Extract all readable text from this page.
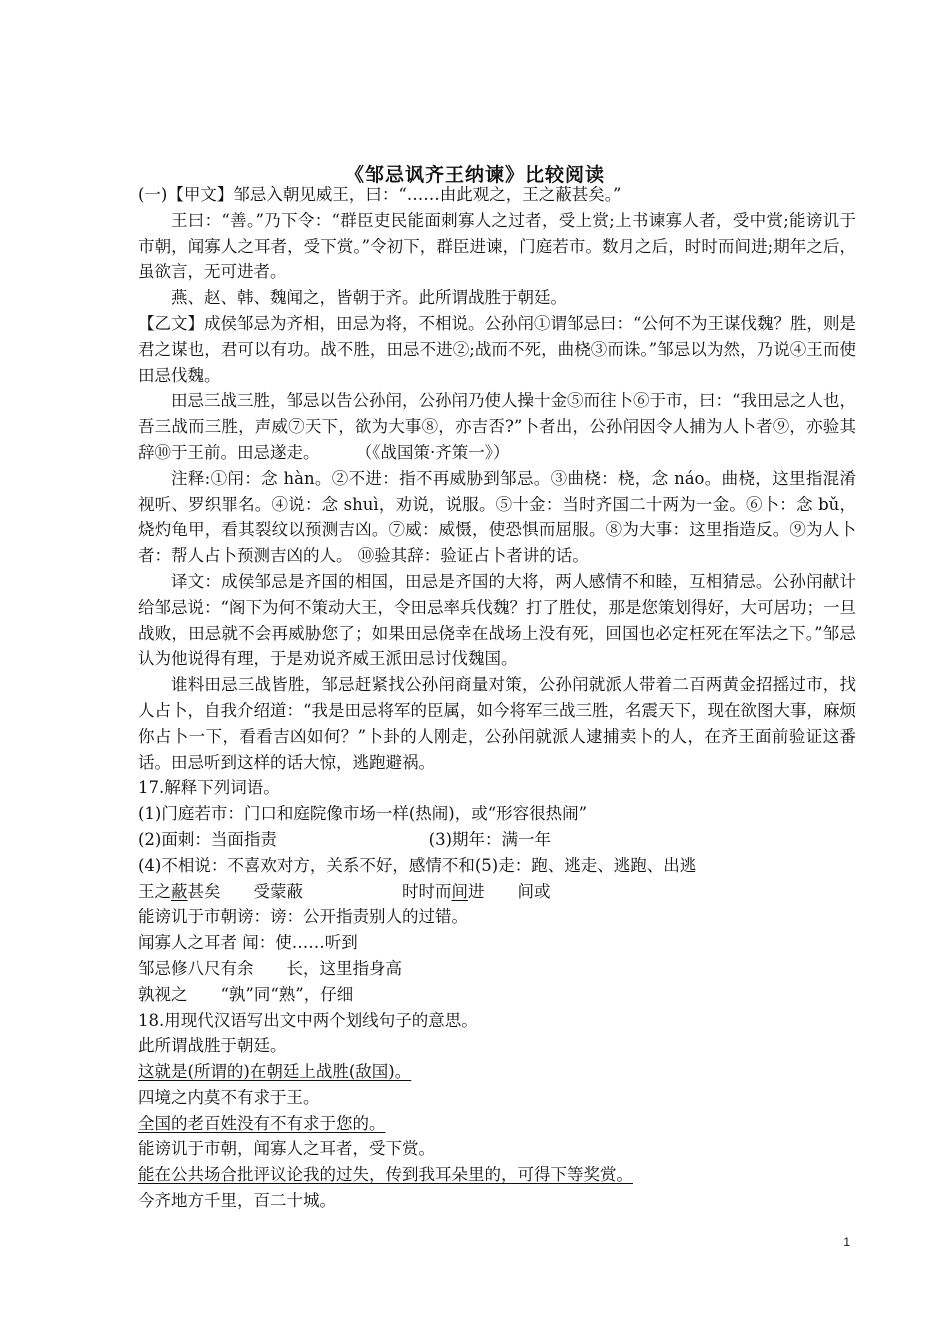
《邹忌讽齐王纳谏》比较阅读

(一)【甲文】邹忌入朝见威王，曰：“……由此观之，王之蔽甚矣。”

王曰：“善。”乃下令：“群臣吏民能面刺寡人之过者，受上赏;上书谏寡人者，受中赏;能谤讥于市朝，闻寡人之耳者，受下赏。”令初下，群臣进谏，门庭若市。数月之后，时时而间进;期年之后，虽欲言，无可进者。

燕、赵、韩、魏闻之，皆朝于齐。此所谓战胜于朝廷。

【乙文】成侯邹忌为齐相，田忌为将，不相说。公孙闬①谓邹忌曰：“公何不为王谋伐魏？胜，则是君之谋也，君可以有功。战不胜，田忌不进②;战而不死，曲桡③而诛。”邹忌以为然，乃说④王而使田忌伐魏。

田忌三战三胜，邹忌以告公孙闬，公孙闬乃使人操十金⑤而往卜⑥于市，曰：“我田忌之人也，吾三战而三胜，声威⑦天下，欲为大事⑧，亦吉否?”卜者出，公孙闬因令人捕为人卜者⑨，亦验其辞⑩于王前。田忌遂走。 （《战国策·齐策一》）

注释:①闬：念 hàn。②不进：指不再威胁到邹忌。③曲桡：桡，念 náo。曲桡，这里指混淆视听、罗织罪名。④说：念 shuì，劝说，说服。⑤十金：当时齐国二十两为一金。⑥卜：念 bǔ，烧灼龟甲，看其裂纹以预测吉凶。⑦威：威慑，使恐惧而屈服。⑧为大事：这里指造反。⑨为人卜者：帮人占卜预测吉凶的人。 ⑩验其辞：验证占卜者讲的话。

译文：成侯邹忌是齐国的相国，田忌是齐国的大将，两人感情不和睦，互相猜忌。公孙闬献计给邹忌说：“阁下为何不策动大王，令田忌率兵伐魏？打了胜仗，那是您策划得好，大可居功；一旦战败，田忌就不会再威胁您了；如果田忌侥幸在战场上没有死，回国也必定枉死在军法之下。”邹忌认为他说得有理，于是劝说齐威王派田忌讨伐魏国。

谁料田忌三战皆胜，邹忌赶紧找公孙闬商量对策，公孙闬就派人带着二百两黄金招摇过市，找人占卜，自我介绍道：“我是田忌将军的臣属，如今将军三战三胜，名震天下，现在欲图大事，麻烦你占卜一下，看看吉凶如何？”卜卦的人刚走，公孙闬就派人逮捕卖卜的人，在齐王面前验证这番话。田忌听到这样的话大惊，逃跑避祸。

17.解释下列词语。

(1)门庭若市：门口和庭院像市场一样(热闹)，或“形容很热闹”

(2)面刺：当面指责	(3)期年：满一年

(4)不相说：不喜欢对方，关系不好，感情不和(5)走：跑、逃走、逃跑、出逃

王之蔽甚矣 受蒙蔽	时时而间进 间或

能谤讥于市朝谤：谤：公开指责别人的过错。

闻寡人之耳者 闻：使……听到

邹忌修八尺有余 长，这里指身高

孰视之 “孰”同“熟”，仔细

18.用现代汉语写出文中两个划线句子的意思。

此所谓战胜于朝廷。

这就是(所谓的)在朝廷上战胜(敌国)。

四境之内莫不有求于王。

全国的老百姓没有不有求于您的。

能谤讥于市朝，闻寡人之耳者，受下赏。

能在公共场合批评议论我的过失，传到我耳朵里的，可得下等奖赏。

今齐地方千里，百二十城。

1
